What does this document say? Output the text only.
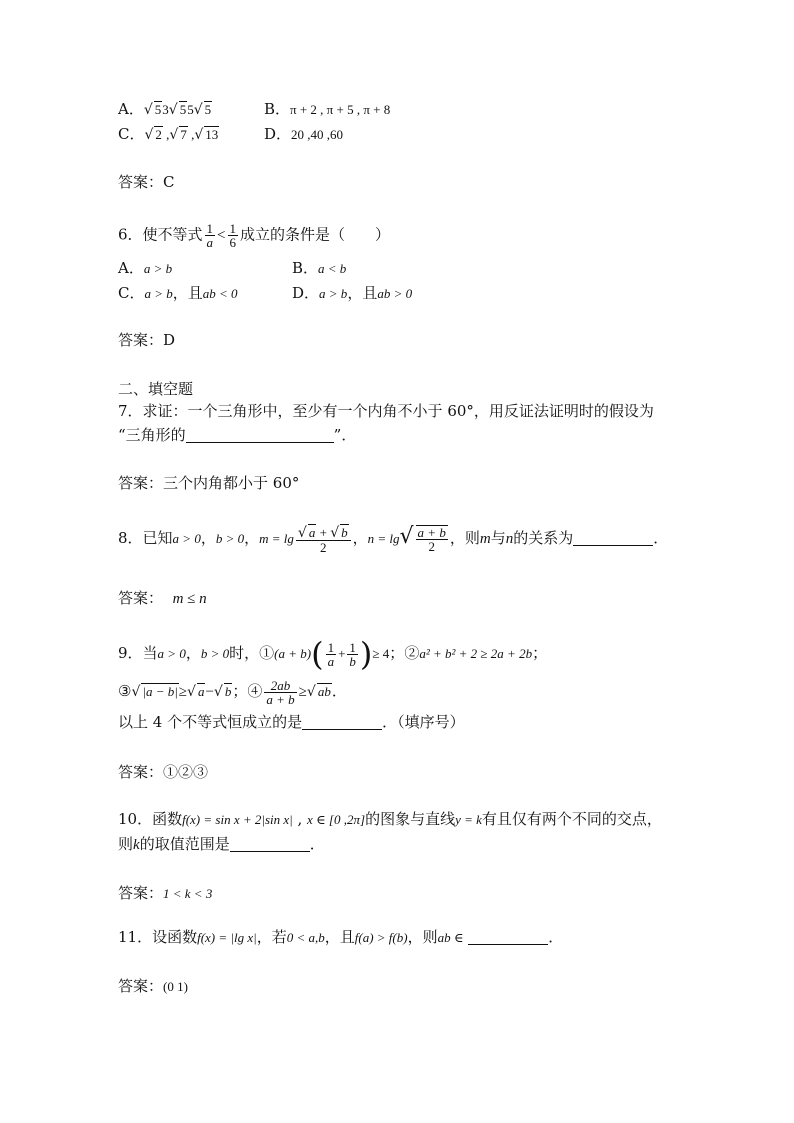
A．√ 53√ 55√ 5	B．π + 2 , π + 5 , π + 8
C．√ 2 ,√ 7 ,√ 13	D．20 ,40 ,60
答案：C
6．使不等式 $\frac{1}{a} < \frac{1}{6}$ 成立的条件是（　　）
A．a > b	B．a < b
C．a > b，且ab < 0	D．a > b，且ab > 0
答案：D
二、填空题
7．求证：一个三角形中，至少有一个内角不小于 60°，用反证法证明时的假设为
“三角形的	”．
答案：三个内角都小于 60°
8．已知a > 0，b > 0，$m = \lg \frac{√ a + √ b}{2}$ ，$n = \lg√ \frac{a + b}{2}$ ，则m与n的关系为	．
答案： m ≤ n
9．当a > 0，b > 0时，①(a + $b)( \frac{1}{a} + \frac{1}{b}$ )≥ 4；②a² + b² + 2 ≥ 2a + 2b；
③√ |a − b|≥√ a−√ b；④ $\frac{2ab}{a + b}$ ≥√ ab．
以上 4 个不等式恒成立的是	．（填序号）
答案：①②③
10．函数f(x) = sin x + 2|sin x| , x ∈ [0 ,2π]的图象与直线y = k有且仅有两个不同的交点，
则k的取值范围是	．
答案：1 < k < 3
11．设函数f(x) = |lg x|，若0 < a,b，且f(a) > f(b)，则ab ∈	．
答案：(0 1)
